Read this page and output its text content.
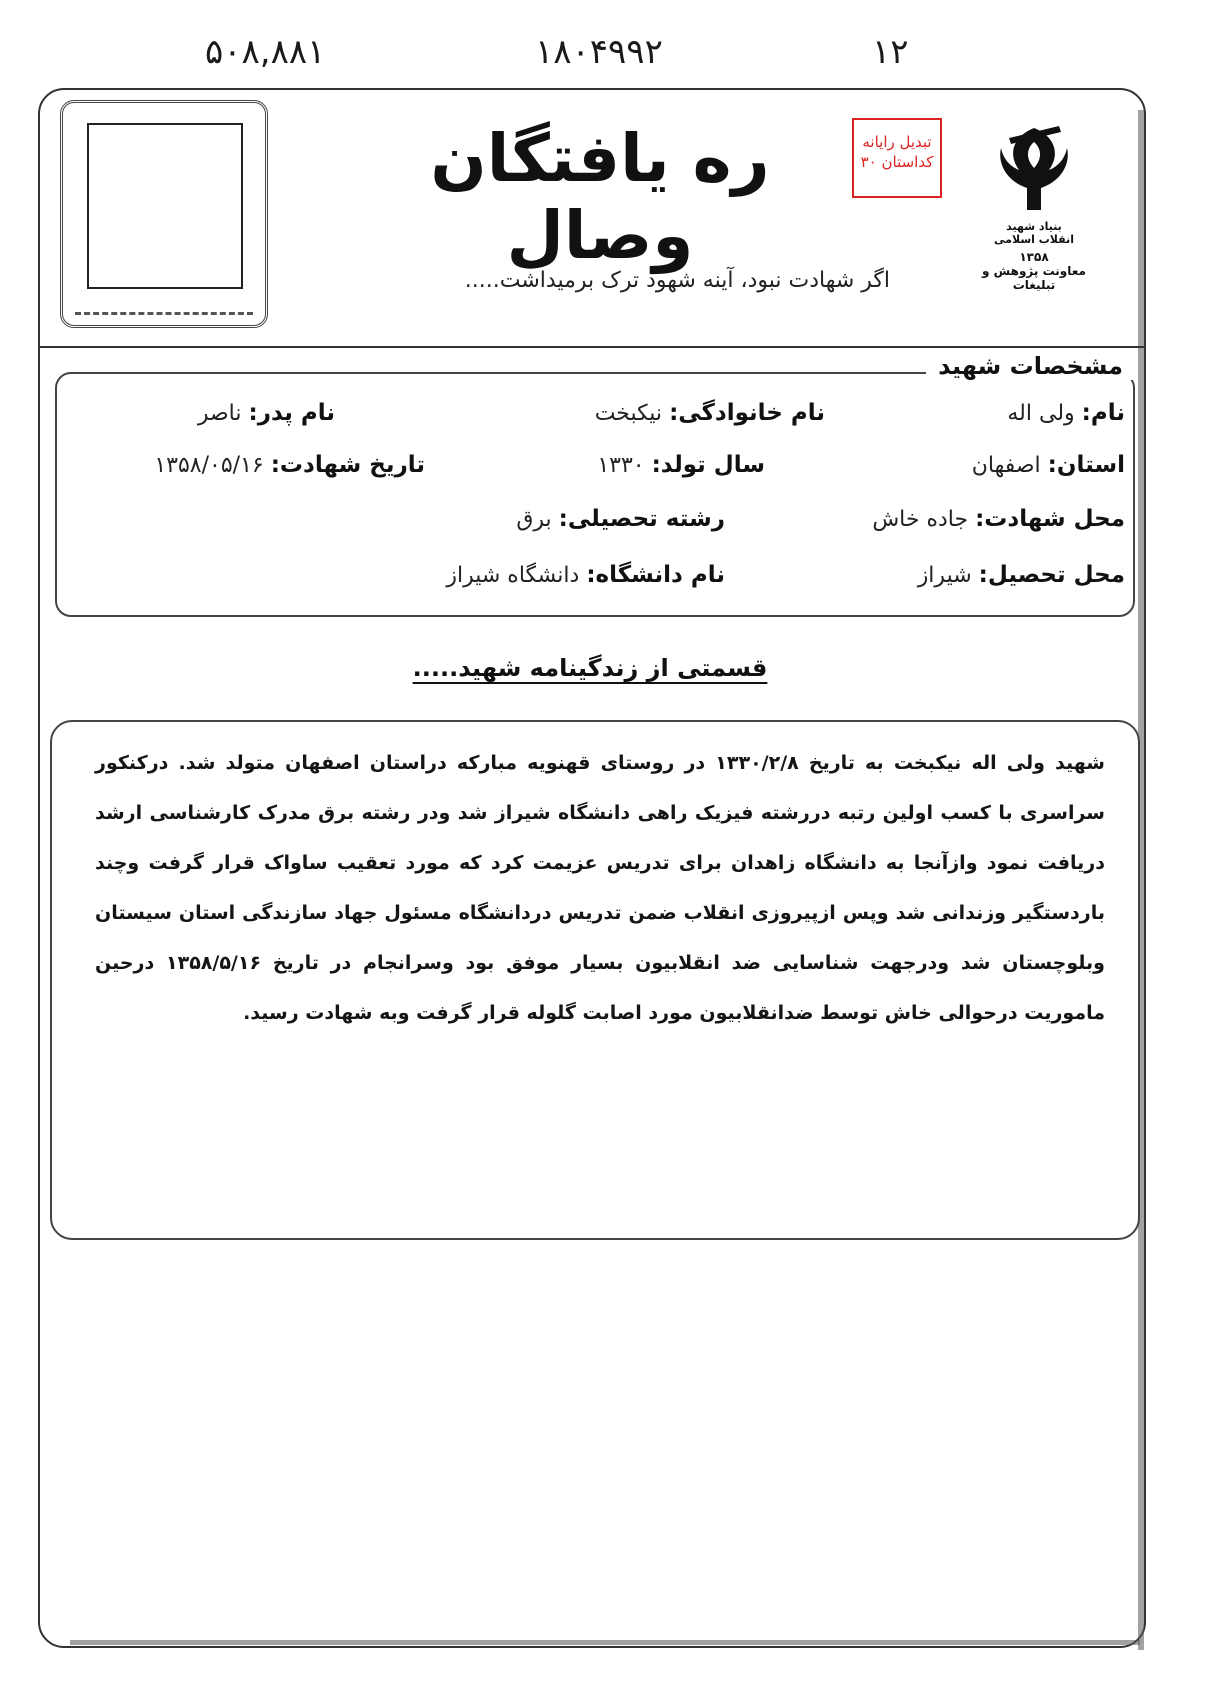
۵۰۸,۸۸۱	۱۸۰۴۹۹۲	۱۲
ره یافتگان وصال
تبدیل رایانه
کداستان ۳۰
بنیاد شهید
انقلاب اسلامی
۱۳۵۸
معاونت پژوهش و تبلیغات
اگر شهادت نبود، آینه شهود ترک برمیداشت.....
مشخصات شهید
نام: ولی اله
نام خانوادگی: نیکبخت
نام پدر: ناصر
استان: اصفهان
سال تولد: ۱۳۳۰
تاریخ شهادت: ۱۳۵۸/۰۵/۱۶
محل شهادت: جاده خاش
رشته تحصیلی: برق
محل تحصیل: شیراز
نام دانشگاه: دانشگاه شیراز
قسمتی از زندگینامه شهید.....
شهید ولی اله نیکبخت به تاریخ ۱۳۳۰/۲/۸ در روستای قهنویه مبارکه دراستان اصفهان متولد شد. درکنکور سراسری با کسب اولین رتبه دررشته فیزیک راهی دانشگاه شیراز شد ودر رشته برق مدرک کارشناسی ارشد دریافت نمود وازآنجا به دانشگاه زاهدان برای تدریس عزیمت کرد که مورد تعقیب ساواک قرار گرفت وچند باردستگیر وزندانی شد وپس ازپیروزی انقلاب ضمن تدریس دردانشگاه مسئول جهاد سازندگی استان سیستان وبلوچستان شد ودرجهت شناسایی ضد انقلابیون بسیار موفق بود وسرانجام در تاریخ ۱۳۵۸/۵/۱۶ درحین ماموریت درحوالی خاش توسط ضدانقلابیون مورد اصابت گلوله قرار گرفت وبه شهادت رسید.
